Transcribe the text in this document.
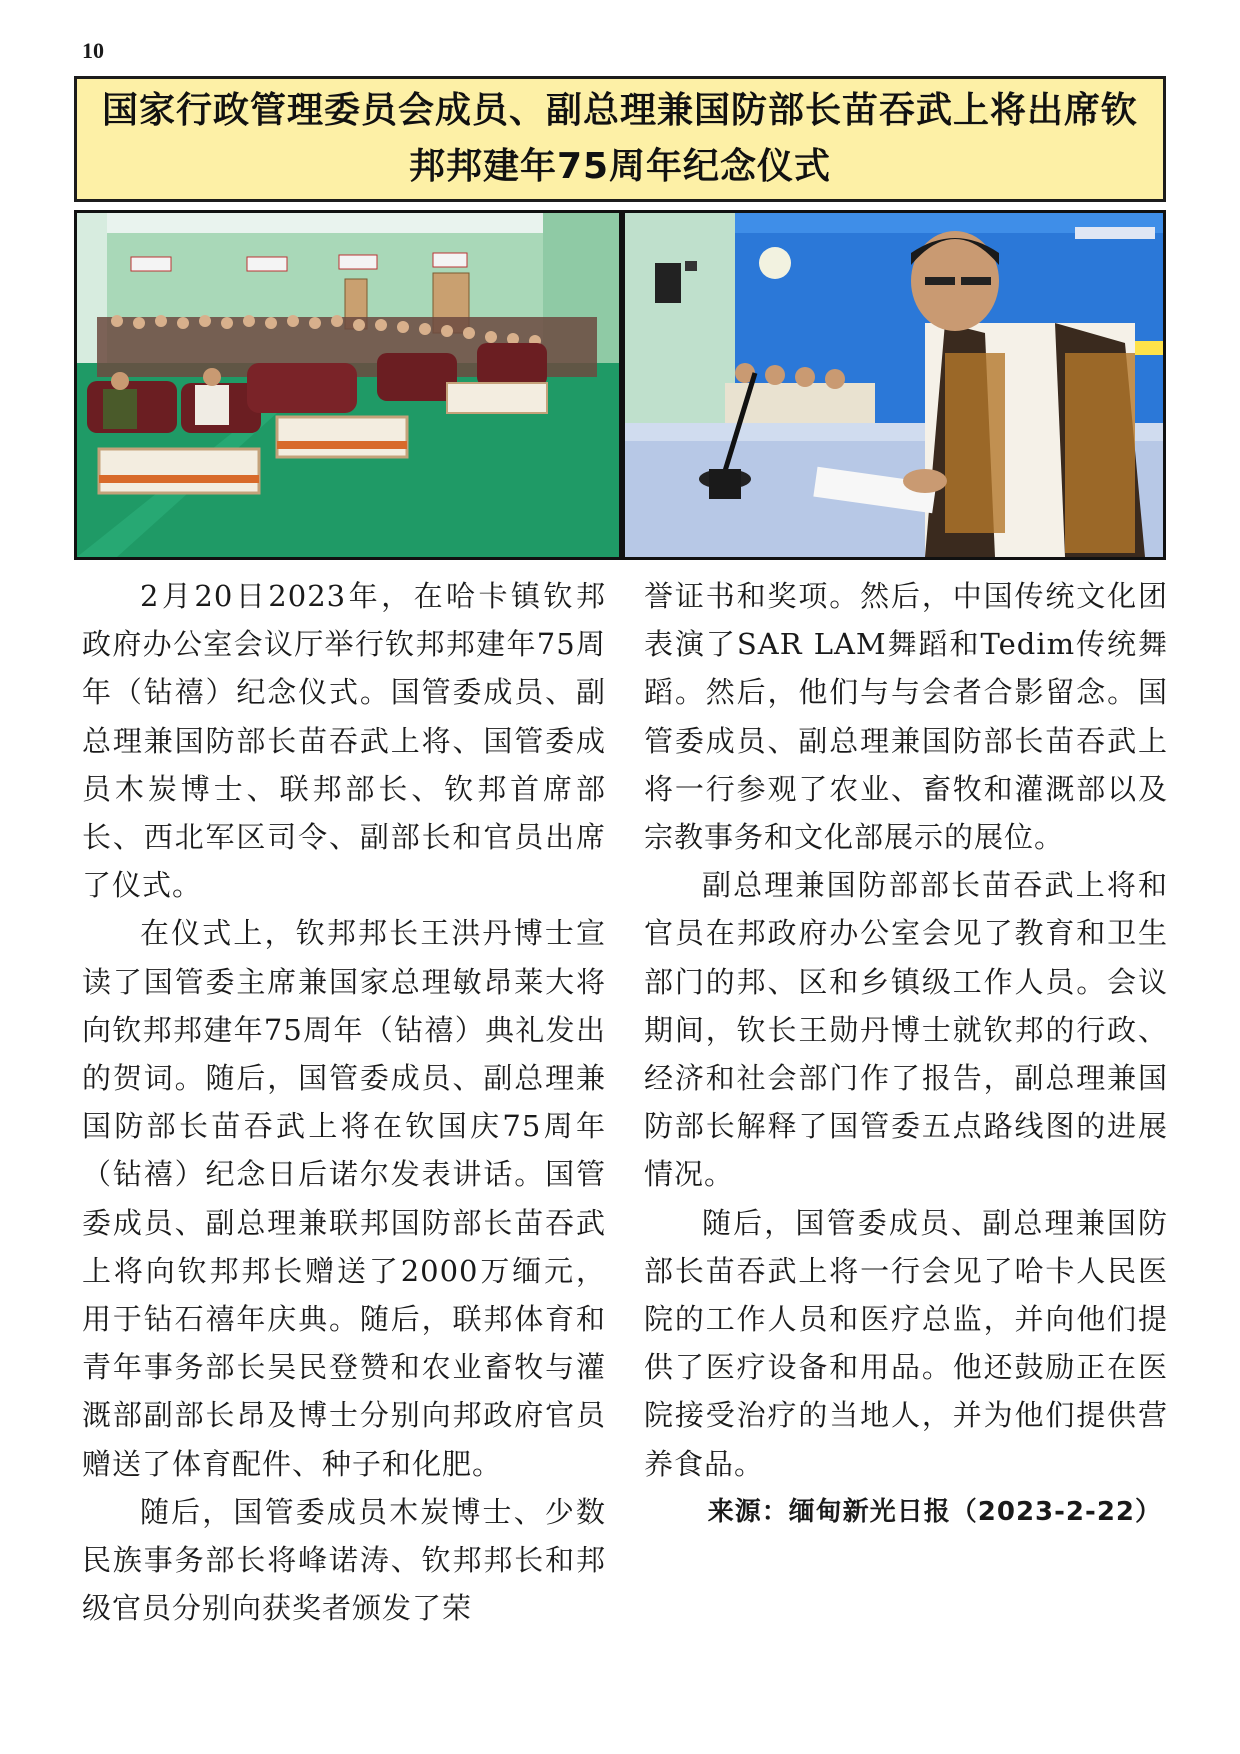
10
国家行政管理委员会成员、副总理兼国防部长苗吞武上将出席钦
邦邦建年75周年纪念仪式

2月20日2023年，在哈卡镇钦邦政府办公室会议厅举行钦邦邦建年75周年（钻禧）纪念仪式。国管委成员、副总理兼国防部长苗吞武上将、国管委成员木炭博士、联邦部长、钦邦首席部长、西北军区司令、副部长和官员出席了仪式。

在仪式上，钦邦邦长王洪丹博士宣读了国管委主席兼国家总理敏昂莱大将向钦邦邦建年75周年（钻禧）典礼发出的贺词。随后，国管委成员、副总理兼国防部长苗吞武上将在钦国庆75周年（钻禧）纪念日后诺尔发表讲话。国管委成员、副总理兼联邦国防部长苗吞武上将向钦邦邦长赠送了2000万缅元，用于钻石禧年庆典。随后，联邦体育和青年事务部长吴民登赞和农业畜牧与灌溉部副部长昂及博士分别向邦政府官员赠送了体育配件、种子和化肥。

随后，国管委成员木炭博士、少数民族事务部长将峰诺涛、钦邦邦长和邦级官员分别向获奖者颁发了荣

誉证书和奖项。然后，中国传统文化团表演了SAR LAM舞蹈和Tedim传统舞蹈。然后，他们与与会者合影留念。国管委成员、副总理兼国防部长苗吞武上将一行参观了农业、畜牧和灌溉部以及宗教事务和文化部展示的展位。

副总理兼国防部部长苗吞武上将和官员在邦政府办公室会见了教育和卫生部门的邦、区和乡镇级工作人员。会议期间，钦长王勋丹博士就钦邦的行政、经济和社会部门作了报告，副总理兼国防部长解释了国管委五点路线图的进展情况。

随后，国管委成员、副总理兼国防部长苗吞武上将一行会见了哈卡人民医院的工作人员和医疗总监，并向他们提供了医疗设备和用品。他还鼓励正在医院接受治疗的当地人，并为他们提供营养食品。

来源：缅甸新光日报（2023-2-22）
